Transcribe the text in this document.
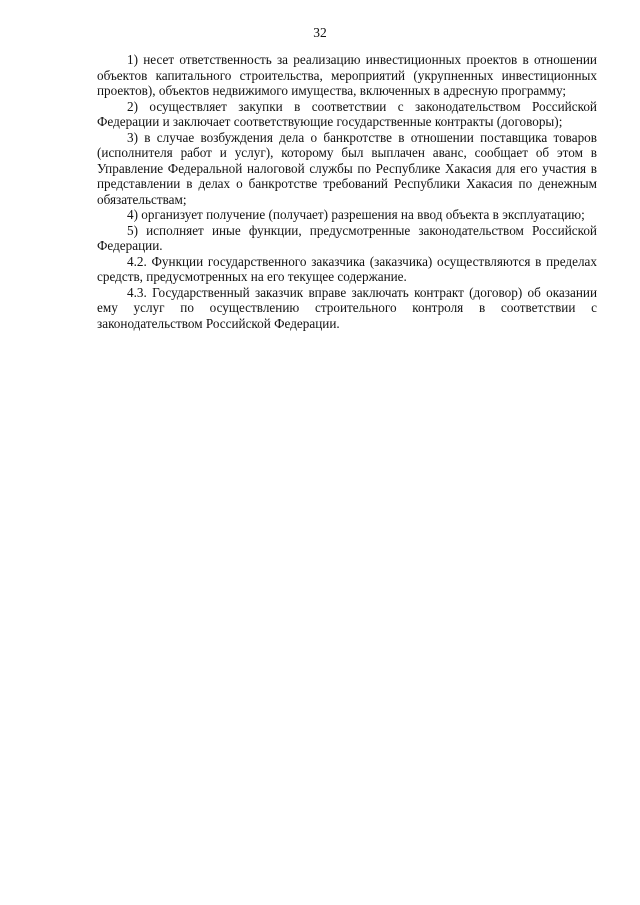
32

1) несет ответственность за реализацию инвестиционных проектов в отношении объектов капитального строительства, мероприятий (укрупненных инвестиционных проектов), объектов недвижимого имущества, включенных в адресную программу;

2) осуществляет закупки в соответствии с законодательством Российской Федерации и заключает соответствующие государственные контракты (договоры);

3) в случае возбуждения дела о банкротстве в отношении поставщика товаров (исполнителя работ и услуг), которому был выплачен аванс, сообщает об этом в Управление Федеральной налоговой службы по Республике Хакасия для его участия в представлении в делах о банкротстве требований Республики Хакасия по денежным обязательствам;

4) организует получение (получает) разрешения на ввод объекта в эксплуатацию;

5) исполняет иные функции, предусмотренные законодательством Российской Федерации.

4.2. Функции государственного заказчика (заказчика) осуществляются в пределах средств, предусмотренных на его текущее содержание.

4.3. Государственный заказчик вправе заключать контракт (договор) об оказании ему услуг по осуществлению строительного контроля в соответствии с законодательством Российской Федерации.
